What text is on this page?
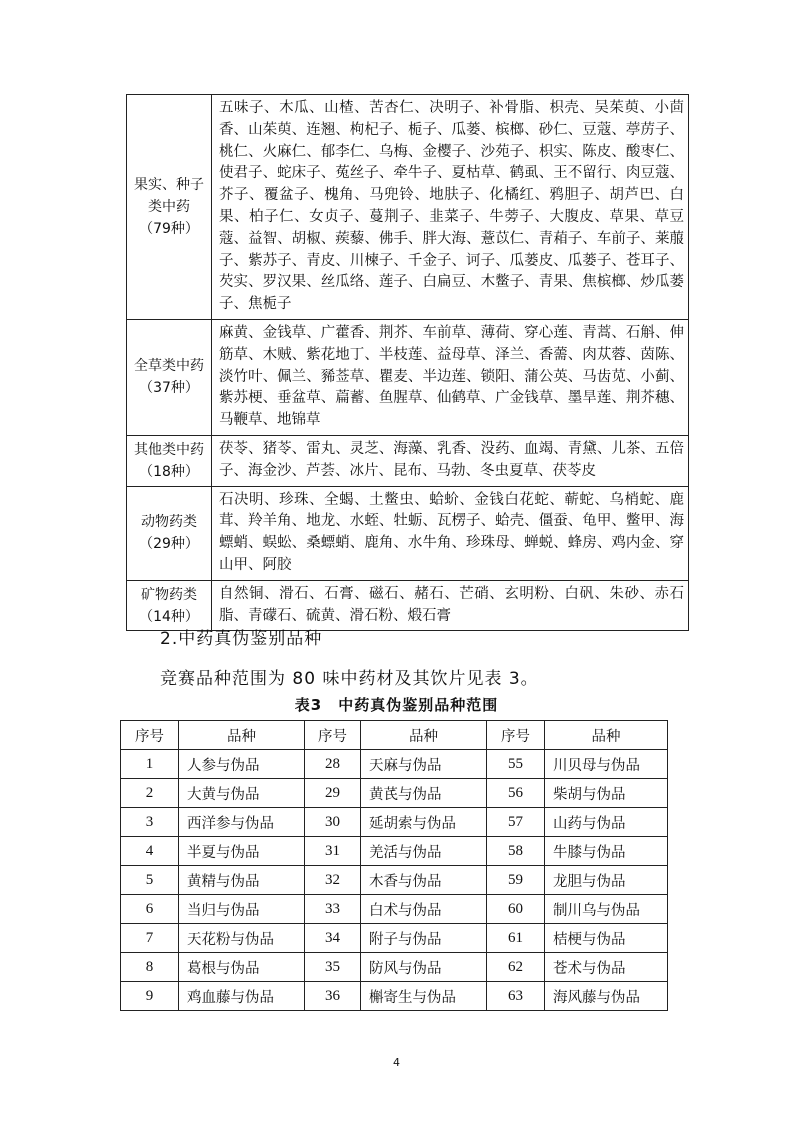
果实、种子类中药
（79种）	五味子、木瓜、山楂、苦杏仁、决明子、补骨脂、枳壳、吴茱萸、小茴香、山茱萸、连翘、枸杞子、栀子、瓜蒌、槟榔、砂仁、豆蔻、葶苈子、桃仁、火麻仁、郁李仁、乌梅、金樱子、沙苑子、枳实、陈皮、酸枣仁、使君子、蛇床子、菟丝子、牵牛子、夏枯草、鹤虱、王不留行、肉豆蔻、芥子、覆盆子、槐角、马兜铃、地肤子、化橘红、鸦胆子、胡芦巴、白果、柏子仁、女贞子、蔓荆子、韭菜子、牛蒡子、大腹皮、草果、草豆蔻、益智、胡椒、蒺藜、佛手、胖大海、薏苡仁、青葙子、车前子、莱菔子、紫苏子、青皮、川楝子、千金子、诃子、瓜蒌皮、瓜蒌子、苍耳子、芡实、罗汉果、丝瓜络、莲子、白扁豆、木鳖子、青果、焦槟榔、炒瓜蒌子、焦栀子

全草类中药
（37种）	麻黄、金钱草、广藿香、荆芥、车前草、薄荷、穿心莲、青蒿、石斛、伸筋草、木贼、紫花地丁、半枝莲、益母草、泽兰、香薷、肉苁蓉、茵陈、淡竹叶、佩兰、豨莶草、瞿麦、半边莲、锁阳、蒲公英、马齿苋、小蓟、紫苏梗、垂盆草、萹蓄、鱼腥草、仙鹤草、广金钱草、墨旱莲、荆芥穗、马鞭草、地锦草

其他类中药
（18种）	茯苓、猪苓、雷丸、灵芝、海藻、乳香、没药、血竭、青黛、儿茶、五倍子、海金沙、芦荟、冰片、昆布、马勃、冬虫夏草、茯苓皮

动物药类
（29种）	石决明、珍珠、全蝎、土鳖虫、蛤蚧、金钱白花蛇、蕲蛇、乌梢蛇、鹿茸、羚羊角、地龙、水蛭、牡蛎、瓦楞子、蛤壳、僵蚕、龟甲、鳖甲、海螵蛸、蜈蚣、桑螵蛸、鹿角、水牛角、珍珠母、蝉蜕、蜂房、鸡内金、穿山甲、阿胶

矿物药类
（14种）	自然铜、滑石、石膏、磁石、赭石、芒硝、玄明粉、白矾、朱砂、赤石脂、青礞石、硫黄、滑石粉、煅石膏
2.中药真伪鉴别品种
竞赛品种范围为 80 味中药材及其饮片见表 3。
表3　中药真伪鉴别品种范围
序号	品种	序号	品种	序号	品种
1	人参与伪品	28	天麻与伪品	55	川贝母与伪品
2	大黄与伪品	29	黄芪与伪品	56	柴胡与伪品
3	西洋参与伪品	30	延胡索与伪品	57	山药与伪品
4	半夏与伪品	31	羌活与伪品	58	牛膝与伪品
5	黄精与伪品	32	木香与伪品	59	龙胆与伪品
6	当归与伪品	33	白术与伪品	60	制川乌与伪品
7	天花粉与伪品	34	附子与伪品	61	桔梗与伪品
8	葛根与伪品	35	防风与伪品	62	苍术与伪品
9	鸡血藤与伪品	36	槲寄生与伪品	63	海风藤与伪品
4
